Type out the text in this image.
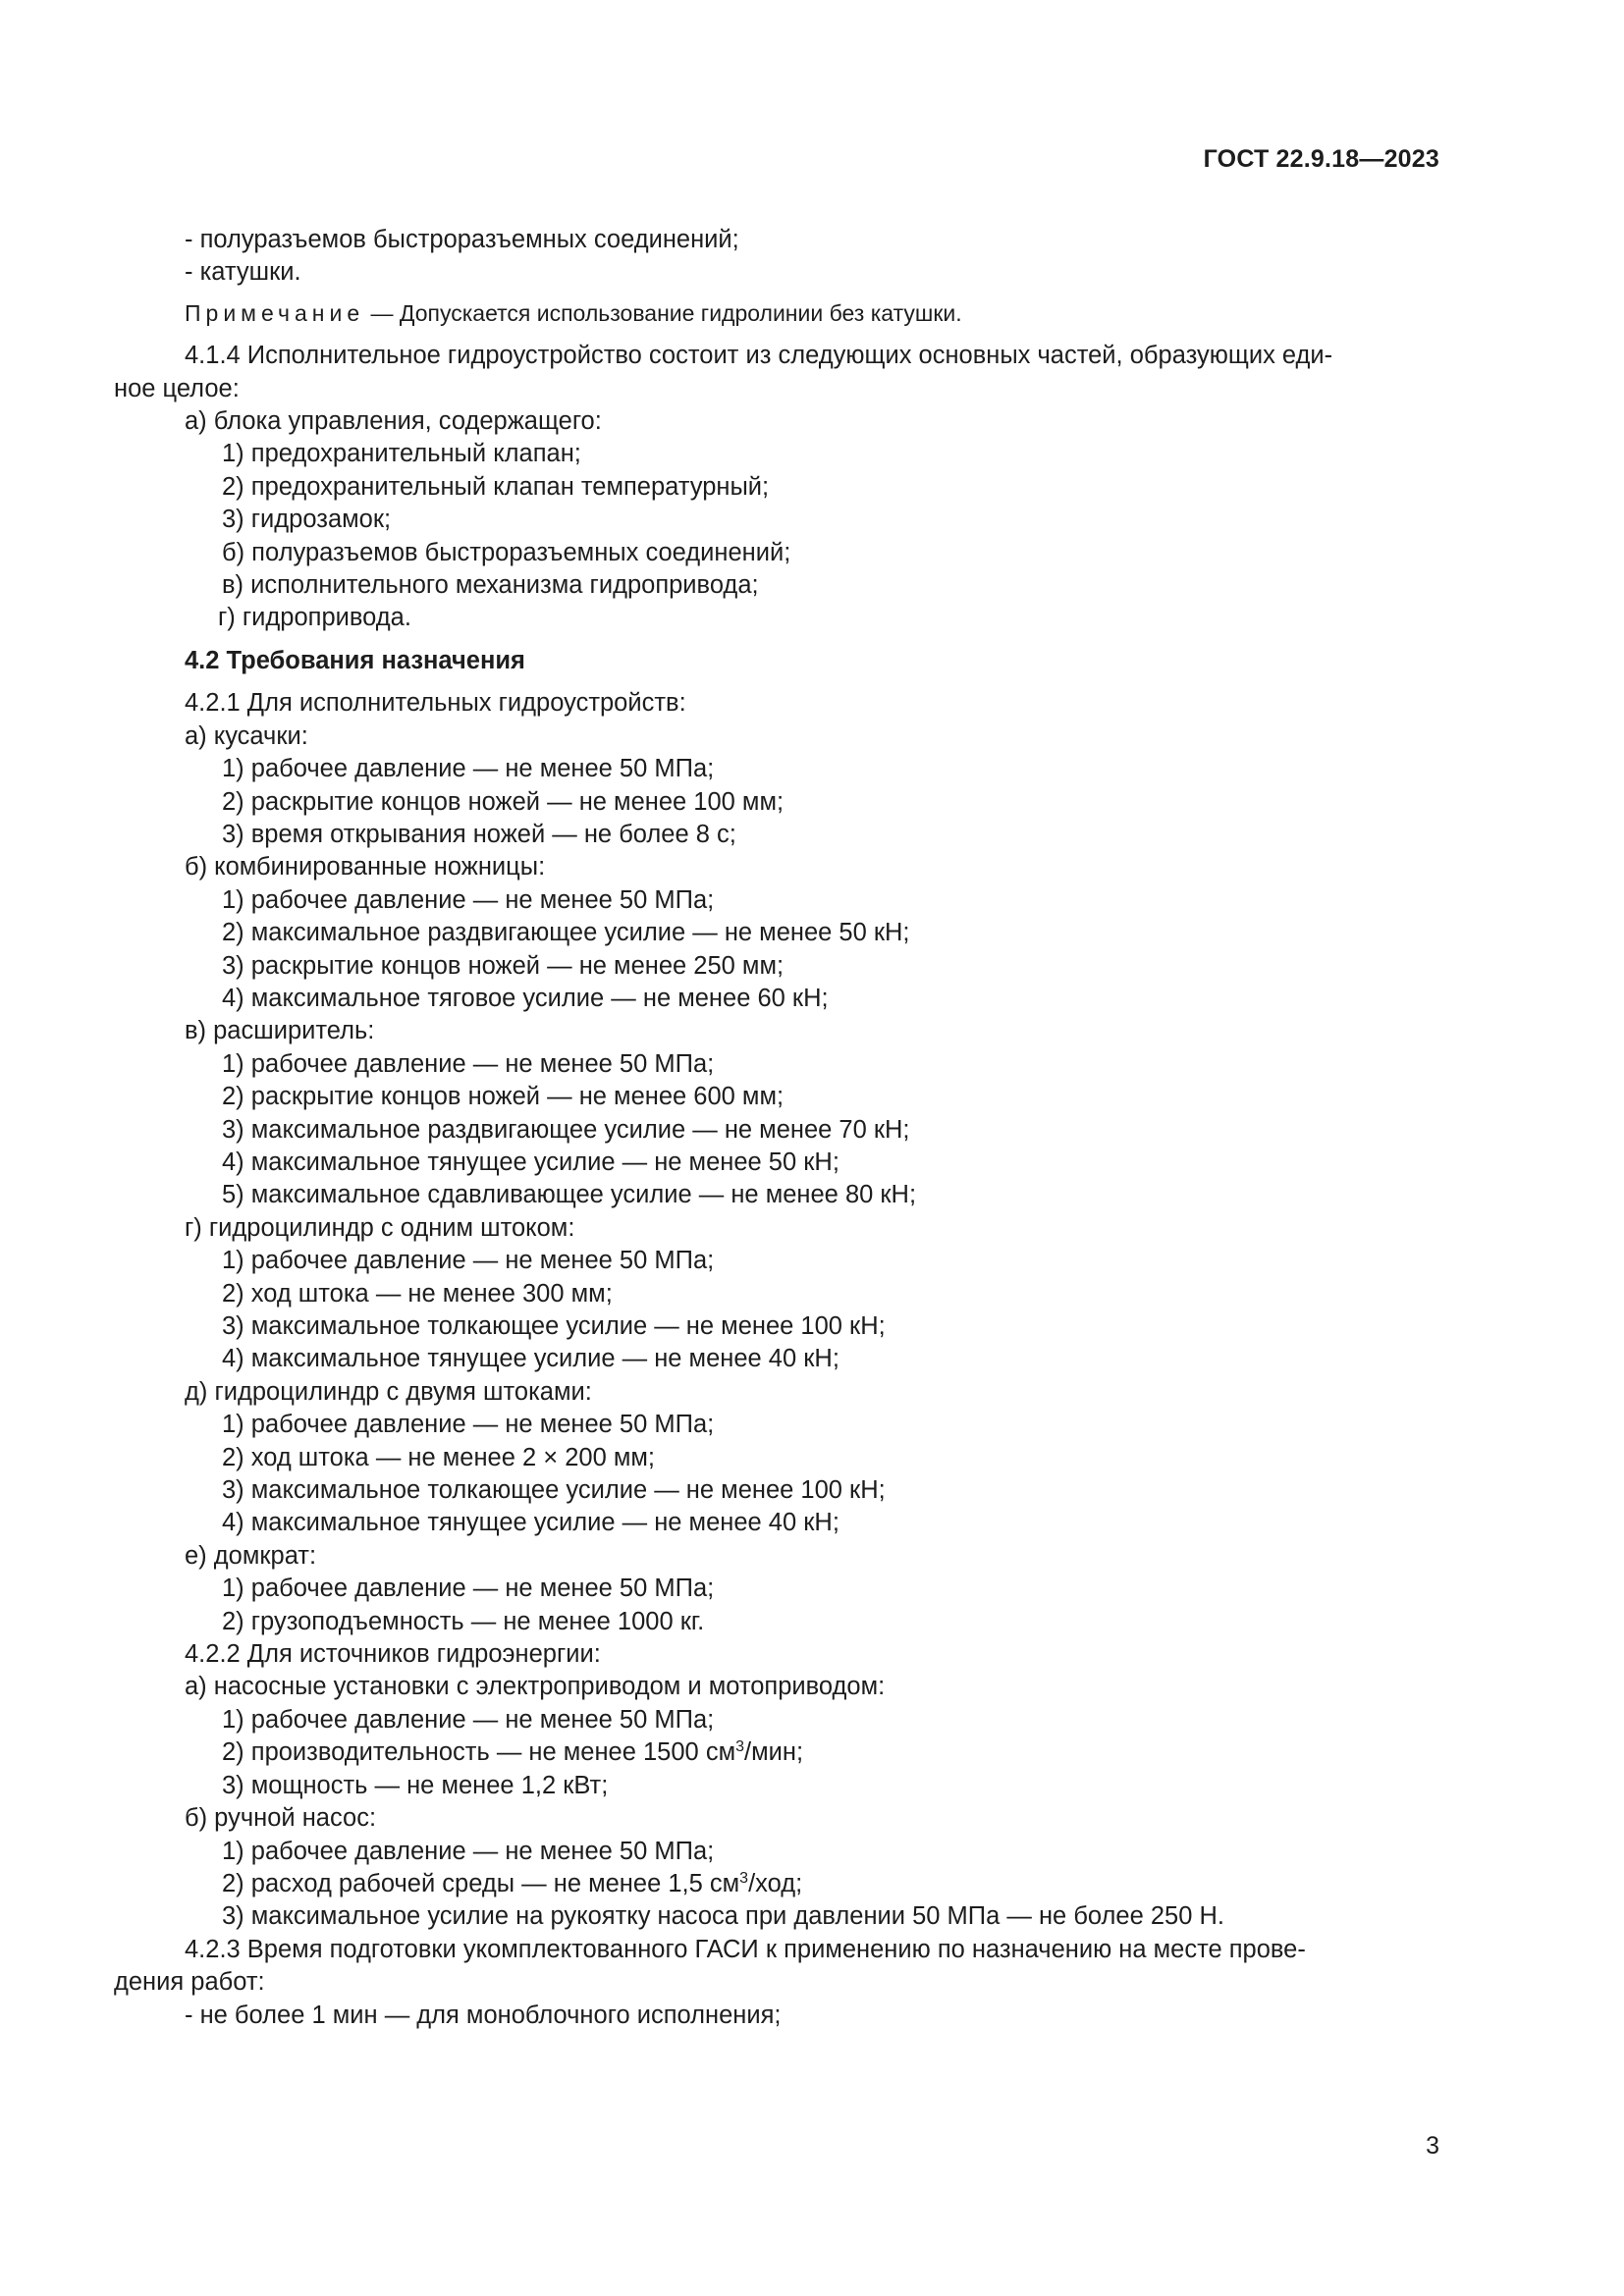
ГОСТ 22.9.18—2023
- полуразъемов быстроразъемных соединений;
- катушки.
Примечание — Допускается использование гидролинии без катушки.
4.1.4 Исполнительное гидроустройство состоит из следующих основных частей, образующих еди-
ное целое:
а) блока управления, содержащего:
1) предохранительный клапан;
2) предохранительный клапан температурный;
3) гидрозамок;
б) полуразъемов быстроразъемных соединений;
в) исполнительного механизма гидропривода;
г) гидропривода.
4.2 Требования назначения
4.2.1 Для исполнительных гидроустройств:
а) кусачки:
1) рабочее давление — не менее 50 МПа;
2) раскрытие концов ножей — не менее 100 мм;
3) время открывания ножей — не более 8 с;
б) комбинированные ножницы:
1) рабочее давление — не менее 50 МПа;
2) максимальное раздвигающее усилие — не менее 50 кН;
3) раскрытие концов ножей — не менее 250 мм;
4) максимальное тяговое усилие — не менее 60 кН;
в) расширитель:
1) рабочее давление — не менее 50 МПа;
2) раскрытие концов ножей — не менее 600 мм;
3) максимальное раздвигающее усилие — не менее 70 кН;
4) максимальное тянущее усилие — не менее 50 кН;
5) максимальное сдавливающее усилие — не менее 80 кН;
г) гидроцилиндр с одним штоком:
1) рабочее давление — не менее 50 МПа;
2) ход штока — не менее 300 мм;
3) максимальное толкающее усилие — не менее 100 кН;
4) максимальное тянущее усилие — не менее 40 кН;
д) гидроцилиндр с двумя штоками:
1) рабочее давление — не менее 50 МПа;
2) ход штока — не менее 2 × 200 мм;
3) максимальное толкающее усилие — не менее 100 кН;
4) максимальное тянущее усилие — не менее 40 кН;
е) домкрат:
1) рабочее давление — не менее 50 МПа;
2) грузоподъемность — не менее 1000 кг.
4.2.2 Для источников гидроэнергии:
а) насосные установки с электроприводом и мотоприводом:
1) рабочее давление — не менее 50 МПа;
2) производительность — не менее 1500 $см^3$/мин;
3) мощность — не менее 1,2 кВт;
б) ручной насос:
1) рабочее давление — не менее 50 МПа;
2) расход рабочей среды — не менее 1,5 $см^3$/ход;
3) максимальное усилие на рукоятку насоса при давлении 50 МПа — не более 250 Н.
4.2.3 Время подготовки укомплектованного ГАСИ к применению по назначению на месте прове-
дения работ:
- не более 1 мин — для моноблочного исполнения;
3
